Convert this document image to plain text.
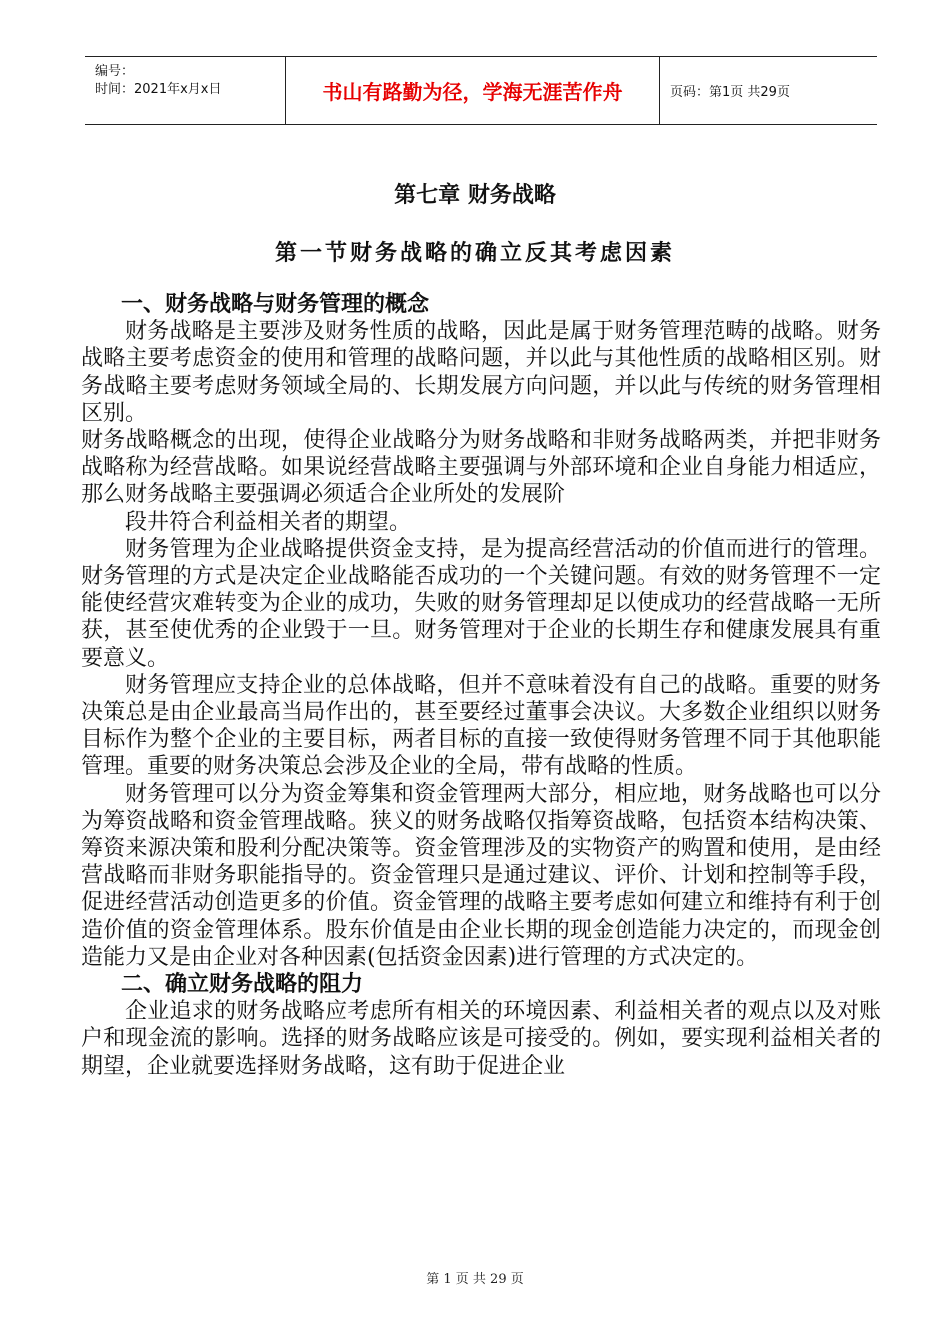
编号：
时间：2021年x月x日	书山有路勤为径，学海无涯苦作舟	页码：第1页 共29页
第七章 财务战略
第一节财务战略的确立反其考虑因素
一、财务战略与财务管理的概念

财务战略是主要涉及财务性质的战略，因此是属于财务管理范畴的战略。财务战略主要考虑资金的使用和管理的战略问题，并以此与其他性质的战略相区别。财务战略主要考虑财务领域全局的、长期发展方向问题，并以此与传统的财务管理相区别。

财务战略概念的出现，使得企业战略分为财务战略和非财务战略两类，并把非财务战略称为经营战略。如果说经营战略主要强调与外部环境和企业自身能力相适应，那么财务战略主要强调必须适合企业所处的发展阶

段井符合利益相关者的期望。

财务管理为企业战略提供资金支持，是为提高经营活动的价值而进行的管理。财务管理的方式是决定企业战略能否成功的一个关键问题。有效的财务管理不一定能使经营灾难转变为企业的成功，失败的财务管理却足以使成功的经营战略一无所获，甚至使优秀的企业毁于一旦。财务管理对于企业的长期生存和健康发展具有重要意义。

财务管理应支持企业的总体战略，但并不意味着没有自己的战略。重要的财务决策总是由企业最高当局作出的，甚至要经过董事会决议。大多数企业组织以财务目标作为整个企业的主要目标，两者目标的直接一致使得财务管理不同于其他职能管理。重要的财务决策总会涉及企业的全局，带有战略的性质。

财务管理可以分为资金筹集和资金管理两大部分，相应地，财务战略也可以分为筹资战略和资金管理战略。狭义的财务战略仅指筹资战略，包括资本结构决策、筹资来源决策和股利分配决策等。资金管理涉及的实物资产的购置和使用，是由经营战略而非财务职能指导的。资金管理只是通过建议、评价、计划和控制等手段，促进经营活动创造更多的价值。资金管理的战略主要考虑如何建立和维持有利于创造价值的资金管理体系。股东价值是由企业长期的现金创造能力决定的，而现金创造能力又是由企业对各种因素(包括资金因素)进行管理的方式决定的。

二、确立财务战略的阻力

企业追求的财务战略应考虑所有相关的环境因素、利益相关者的观点以及对账户和现金流的影响。选择的财务战略应该是可接受的。例如，要实现利益相关者的期望，企业就要选择财务战略，这有助于促进企业

第 1 页 共 29 页
